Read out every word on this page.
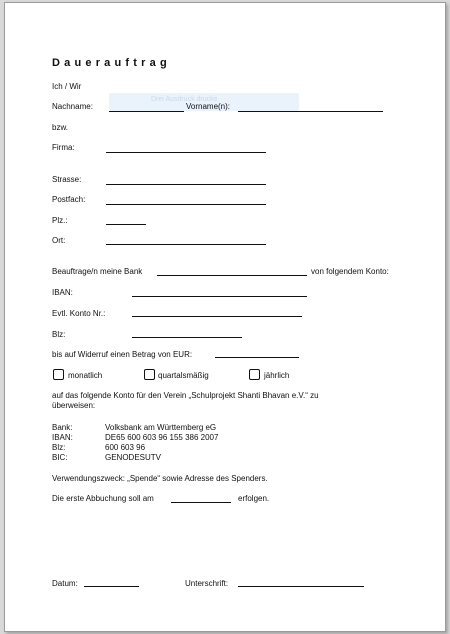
Dauerauftrag
Ich / Wir
Drei Ausdruck drucke
Nachname:	Vorname(n):
bzw.
Firma:
Strasse:
Postfach:
Plz.:
Ort:
Beauftrage/n meine Bank	von folgendem Konto:
IBAN:
Evtl. Konto Nr.:
Blz:
bis auf Widerruf einen Betrag von EUR:
monatlich	quartalsmäßig	jährlich
auf das folgende Konto für den Verein „Schulprojekt Shanti Bhavan e.V.“ zu
überweisen:
Bank:	Volksbank am Württemberg eG
IBAN:	DE65 600 603 96 155 386 2007
Blz:	600 603 96
BIC:	GENODESUTV
Verwendungszweck: „Spende“ sowie Adresse des Spenders.
Die erste Abbuchung soll am	erfolgen.
Datum:	Unterschrift:
